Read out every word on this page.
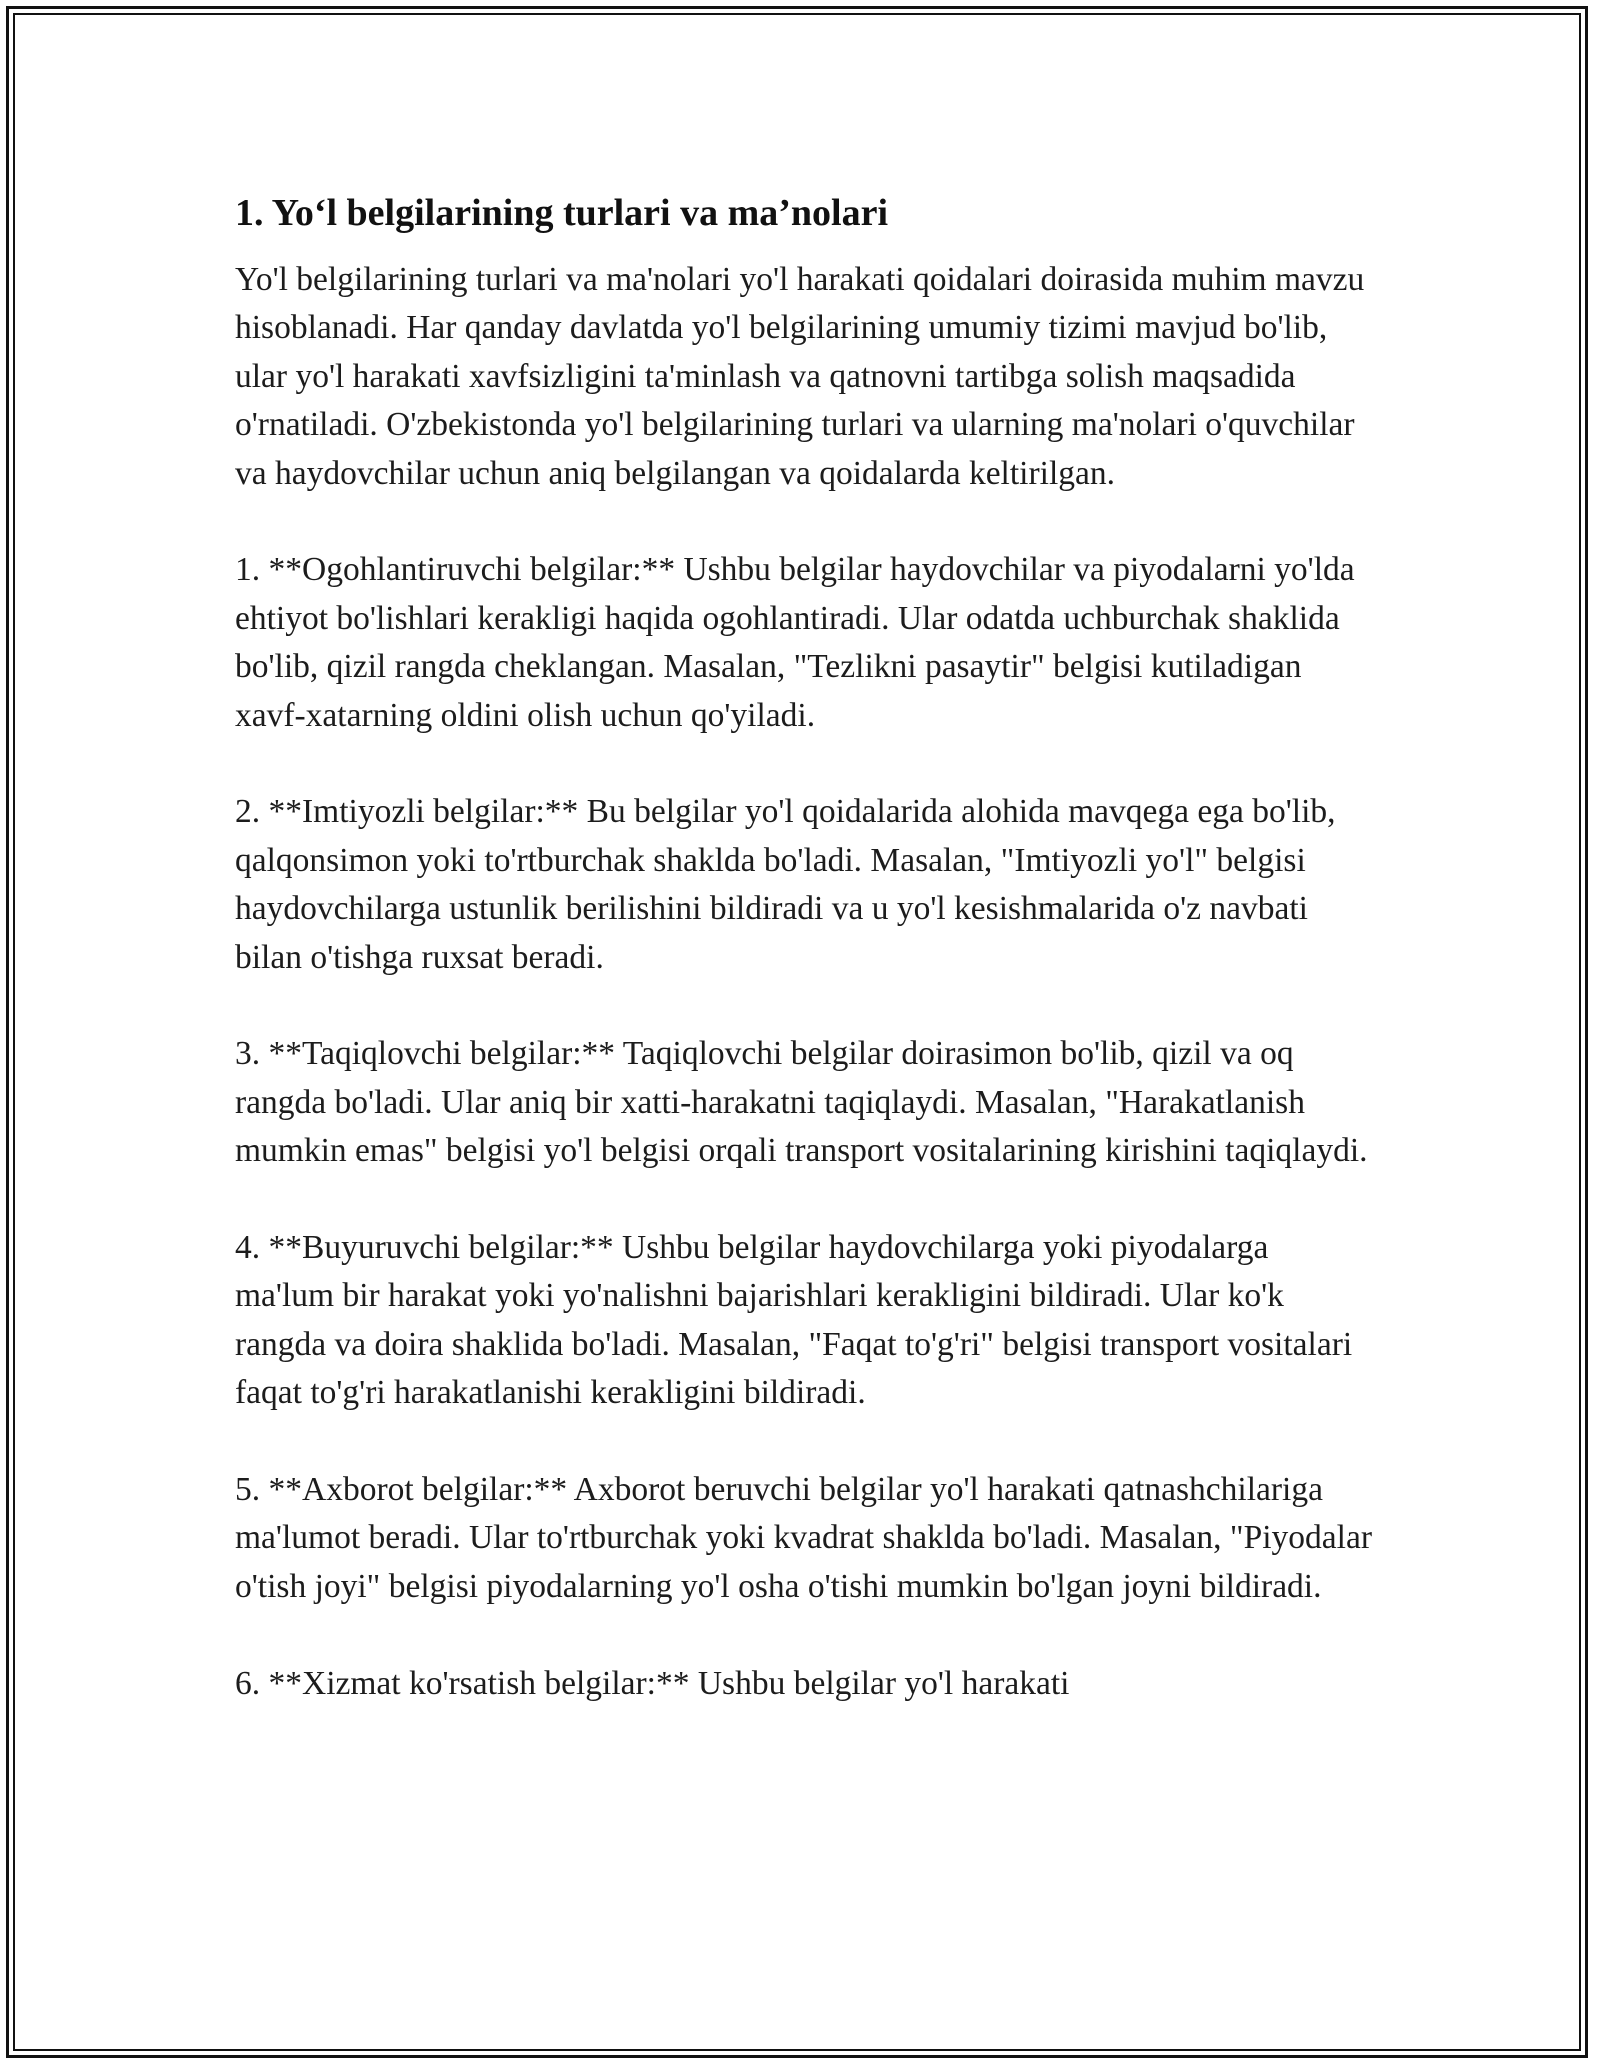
1. Yo‘l belgilarining turlari va ma’nolari

Yo'l belgilarining turlari va ma'nolari yo'l harakati qoidalari doirasida muhim mavzu hisoblanadi. Har qanday davlatda yo'l belgilarining umumiy tizimi mavjud bo'lib, ular yo'l harakati xavfsizligini ta'minlash va qatnovni tartibga solish maqsadida o'rnatiladi. O'zbekistonda yo'l belgilarining turlari va ularning ma'nolari o'quvchilar va haydovchilar uchun aniq belgilangan va qoidalarda keltirilgan.

1. **Ogohlantiruvchi belgilar:** Ushbu belgilar haydovchilar va piyodalarni yo'lda ehtiyot bo'lishlari kerakligi haqida ogohlantiradi. Ular odatda uchburchak shaklida bo'lib, qizil rangda cheklangan. Masalan, "Tezlikni pasaytir" belgisi kutiladigan xavf-xatarning oldini olish uchun qo'yiladi.

2. **Imtiyozli belgilar:** Bu belgilar yo'l qoidalarida alohida mavqega ega bo'lib, qalqonsimon yoki to'rtburchak shaklda bo'ladi. Masalan, "Imtiyozli yo'l" belgisi haydovchilarga ustunlik berilishini bildiradi va u yo'l kesishmalarida o'z navbati bilan o'tishga ruxsat beradi.

3. **Taqiqlovchi belgilar:** Taqiqlovchi belgilar doirasimon bo'lib, qizil va oq rangda bo'ladi. Ular aniq bir xatti-harakatni taqiqlaydi. Masalan, "Harakatlanish mumkin emas" belgisi yo'l belgisi orqali transport vositalarining kirishini taqiqlaydi.

4. **Buyuruvchi belgilar:** Ushbu belgilar haydovchilarga yoki piyodalarga ma'lum bir harakat yoki yo'nalishni bajarishlari kerakligini bildiradi. Ular ko'k rangda va doira shaklida bo'ladi. Masalan, "Faqat to'g'ri" belgisi transport vositalari faqat to'g'ri harakatlanishi kerakligini bildiradi.

5. **Axborot belgilar:** Axborot beruvchi belgilar yo'l harakati qatnashchilariga ma'lumot beradi. Ular to'rtburchak yoki kvadrat shaklda bo'ladi. Masalan, "Piyodalar o'tish joyi" belgisi piyodalarning yo'l osha o'tishi mumkin bo'lgan joyni bildiradi.

6. **Xizmat ko'rsatish belgilar:** Ushbu belgilar yo'l harakati
